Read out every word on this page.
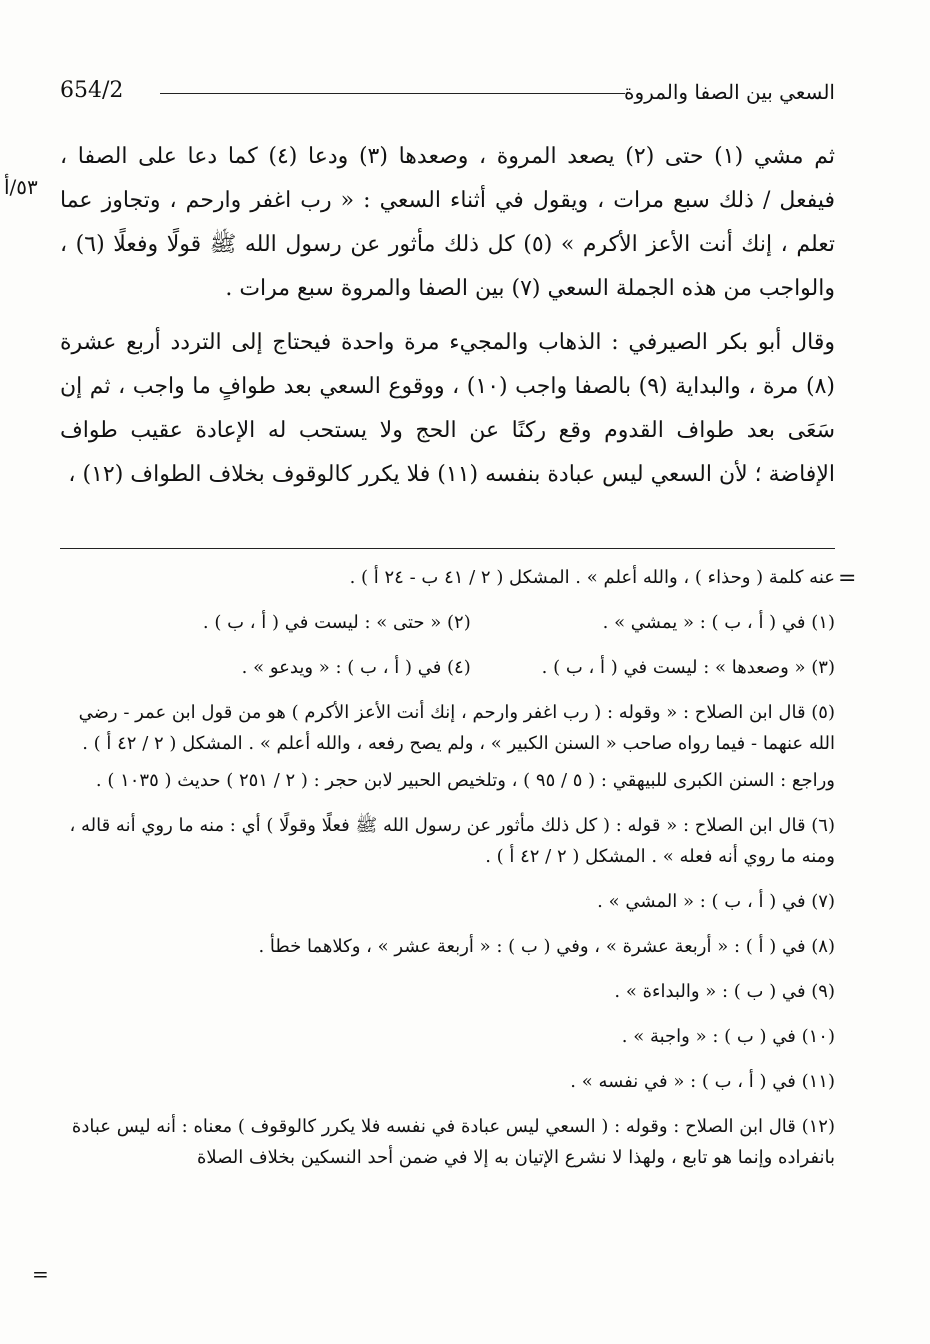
654/2	السعي بين الصفا والمروة
٥٣/أ

ثم مشي (١) حتى (٢) يصعد المروة ، وصعدها (٣) ودعا (٤) كما دعا على الصفا ، فيفعل / ذلك سبع مرات ، ويقول في أثناء السعي : « رب اغفر وارحم ، وتجاوز عما تعلم ، إنك أنت الأعز الأكرم » (٥) كل ذلك مأثور عن رسول الله ﷺ قولًا وفعلًا (٦) ، والواجب من هذه الجملة السعي (٧) بين الصفا والمروة سبع مرات .

وقال أبو بكر الصيرفي : الذهاب والمجيء مرة واحدة فيحتاج إلى التردد أربع عشرة (٨) مرة ، والبداية (٩) بالصفا واجب (١٠) ، ووقوع السعي بعد طوافٍ ما واجب ، ثم إن سَعَى بعد طواف القدوم وقع ركنًا عن الحج ولا يستحب له الإعادة عقيب طواف الإفاضة ؛ لأن السعي ليس عبادة بنفسه (١١) فلا يكرر كالوقوف بخلاف الطواف (١٢) ،

=

عنه كلمة ( وحذاء ) ، والله أعلم » . المشكل ( ٢ / ٤١ ب - ٢٤ أ ) .

(١) في ( أ ، ب ) : « يمشي » .

(٢) « حتى » : ليست في ( أ ، ب ) .

(٣) « وصعدها » : ليست في ( أ ، ب ) .

(٤) في ( أ ، ب ) : « ويدعو » .

(٥) قال ابن الصلاح : « وقوله : ( رب اغفر وارحم ، إنك أنت الأعز الأكرم ) هو من قول ابن عمر - رضي الله عنهما - فيما رواه صاحب « السنن الكبير » ، ولم يصح رفعه ، والله أعلم » . المشكل ( ٢ / ٤٢ أ ) .

وراجع : السنن الكبرى للبيهقي : ( ٥ / ٩٥ ) ، وتلخيص الحبير لابن حجر : ( ٢ / ٢٥١ ) حديث ( ١٠٣٥ ) .

(٦) قال ابن الصلاح : « قوله : ( كل ذلك مأثور عن رسول الله ﷺ فعلًا وقولًا ) أي : منه ما روي أنه قاله ، ومنه ما روي أنه فعله » . المشكل ( ٢ / ٤٢ أ ) .

(٧) في ( أ ، ب ) : « المشي » .

(٨) في ( أ ) : « أربعة عشرة » ، وفي ( ب ) : « أربعة عشر » ، وكلاهما خطأ .

(٩) في ( ب ) : « والبداءة » .

(١٠) في ( ب ) : « واجبة » .

(١١) في ( أ ، ب ) : « في نفسه » .

(١٢) قال ابن الصلاح : وقوله : ( السعي ليس عبادة في نفسه فلا يكرر كالوقوف ) معناه : أنه ليس عبادة بانفراده وإنما هو تابع ، ولهذا لا نشرع الإتيان به إلا في ضمن أحد النسكين بخلاف الصلاة

=
